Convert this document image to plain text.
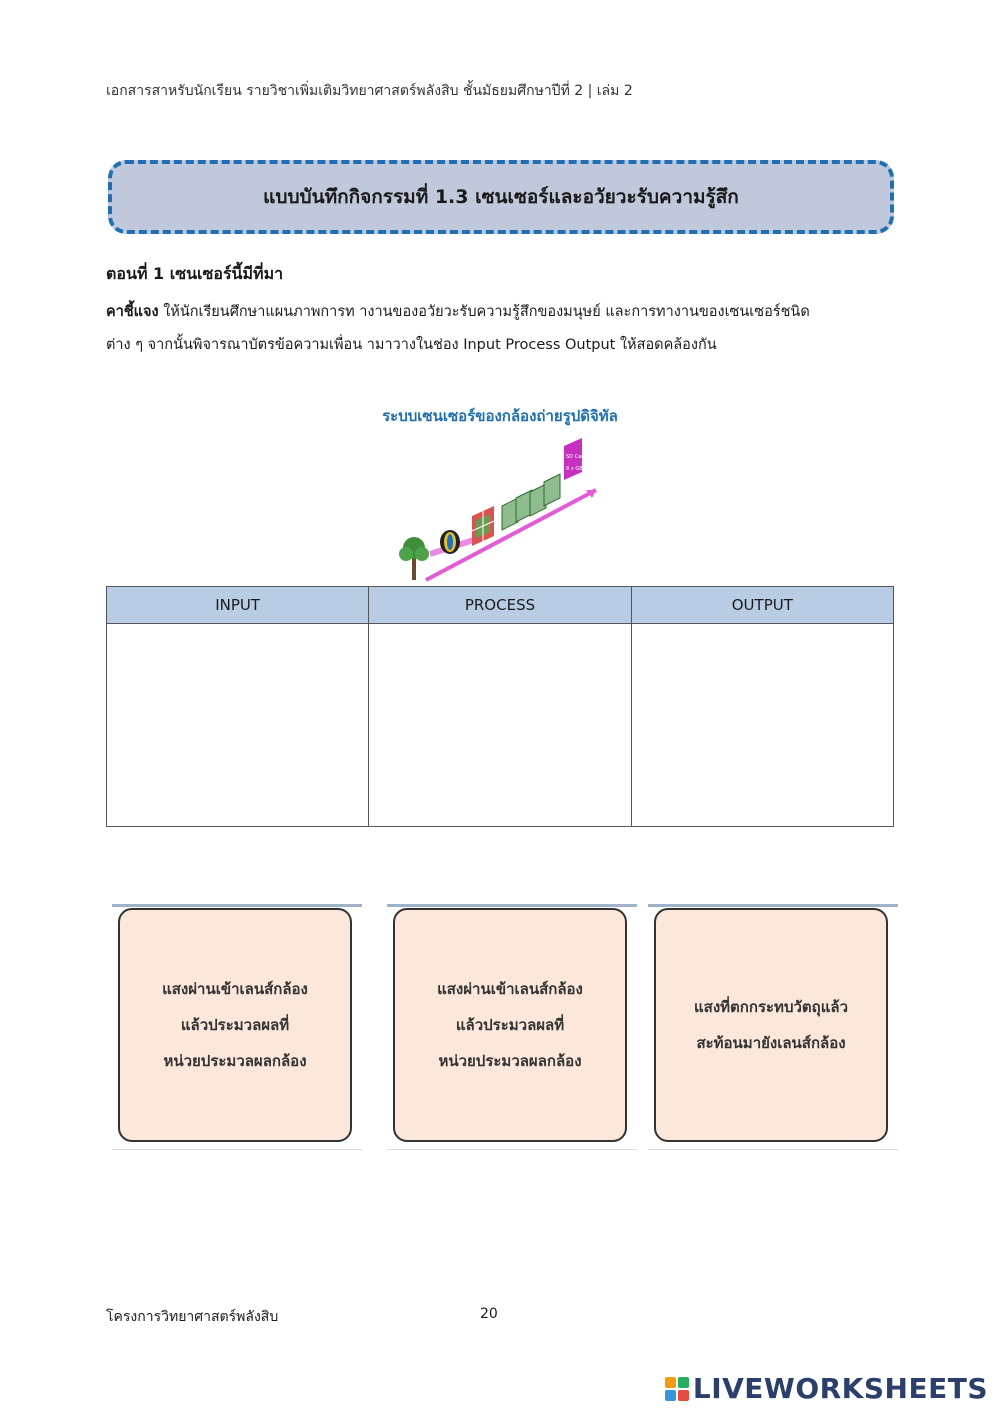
เอกสารสาหรับนักเรียน รายวิชาเพิ่มเติมวิทยาศาสตร์พลังสิบ ชั้นมัธยมศึกษาปีที่ 2 | เล่ม 2
แบบบันทึกกิจกรรมที่ 1.3 เซนเซอร์และอวัยวะรับความรู้สึก
ตอนที่ 1 เซนเซอร์นี้มีที่มา
คาชี้แจง ให้นักเรียนศึกษาแผนภาพการท างานของอวัยวะรับความรู้สึกของมนุษย์ และการทางานของเซนเซอร์ชนิด
ต่าง ๆ จากนั้นพิจารณาบัตรข้อความเพื่อน ามาวางในช่อง Input Process Output ให้สอดคล้องกัน
ระบบเซนเซอร์ของกล้องถ่ายรูปดิจิทัล
SD Card
8 x GB
INPUT	PROCESS	OUTPUT

แสงผ่านเข้าเลนส์กล้อง
แล้วประมวลผลที่
หน่วยประมวลผลกล้อง
แสงผ่านเข้าเลนส์กล้อง
แล้วประมวลผลที่
หน่วยประมวลผลกล้อง
แสงที่ตกกระทบวัตถุแล้ว
สะท้อนมายังเลนส์กล้อง
โครงการวิทยาศาสตร์พลังสิบ	20
LIVEWORKSHEETS
